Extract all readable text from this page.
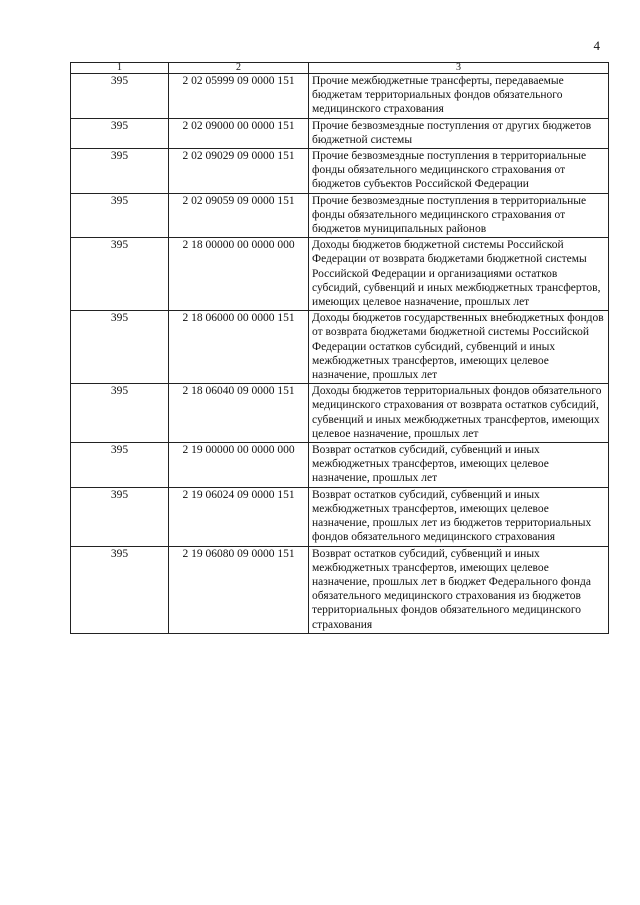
4
1	2	3
395	2 02 05999 09 0000 151	Прочие межбюджетные трансферты, передаваемые бюджетам территориальных фондов обязательного медицинского страхования
395	2 02 09000 00 0000 151	Прочие безвозмездные поступления от других бюджетов бюджетной системы
395	2 02 09029 09 0000 151	Прочие безвозмездные поступления в территориальные фонды обязательного медицинского страхования от бюджетов субъектов Российской Федерации
395	2 02 09059 09 0000 151	Прочие безвозмездные поступления в территориальные фонды обязательного медицинского страхования от бюджетов муниципальных районов
395	2 18 00000 00 0000 000	Доходы бюджетов бюджетной системы Российской Федерации от возврата бюджетами бюджетной системы Российской Федерации и организациями остатков субсидий, субвенций и иных межбюджетных трансфертов, имеющих целевое назначение, прошлых лет
395	2 18 06000 00 0000 151	Доходы бюджетов государственных внебюджетных фондов от возврата бюджетами бюджетной системы Российской Федерации остатков субсидий, субвенций и иных межбюджетных трансфертов, имеющих целевое назначение, прошлых лет
395	2 18 06040 09 0000 151	Доходы бюджетов территориальных фондов обязательного медицинского страхования от возврата остатков субсидий, субвенций и иных межбюджетных трансфертов, имеющих целевое назначение, прошлых лет
395	2 19 00000 00 0000 000	Возврат остатков субсидий, субвенций и иных межбюджетных трансфертов, имеющих целевое назначение, прошлых лет
395	2 19 06024 09 0000 151	Возврат остатков субсидий, субвенций и иных межбюджетных трансфертов, имеющих целевое назначение, прошлых лет из бюджетов территориальных фондов обязательного медицинского страхования
395	2 19 06080 09 0000 151	Возврат остатков субсидий, субвенций и иных межбюджетных трансфертов, имеющих целевое назначение, прошлых лет в бюджет Федерального фонда обязательного медицинского страхования из бюджетов территориальных фондов обязательного медицинского страхования
